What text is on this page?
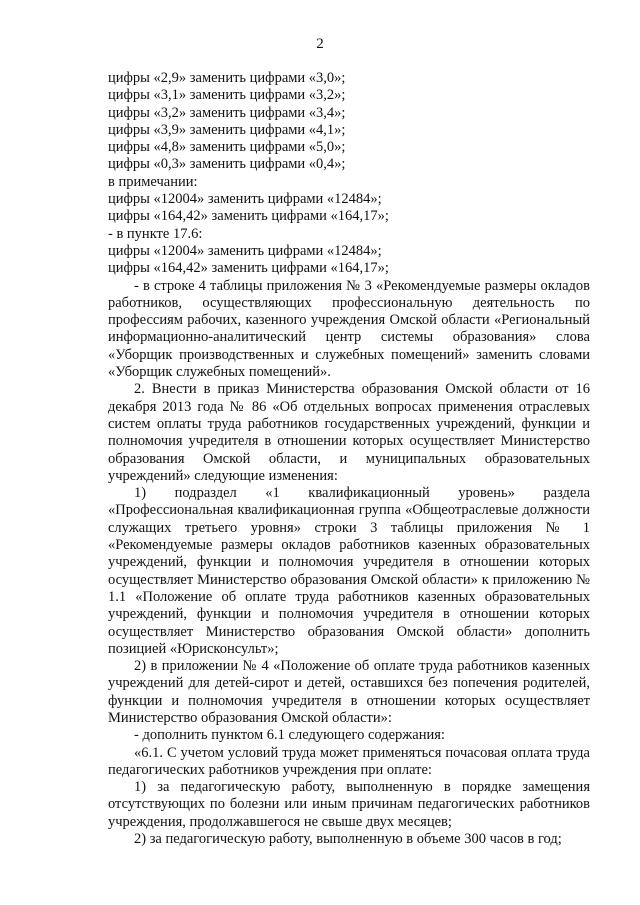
2
цифры «2,9» заменить цифрами «3,0»;
цифры «3,1» заменить цифрами «3,2»;
цифры «3,2» заменить цифрами «3,4»;
цифры «3,9» заменить цифрами «4,1»;
цифры «4,8» заменить цифрами «5,0»;
цифры «0,3» заменить цифрами «0,4»;
в примечании:
цифры «12004» заменить цифрами «12484»;
цифры «164,42» заменить цифрами «164,17»;
- в пункте 17.6:
цифры «12004» заменить цифрами «12484»;
цифры «164,42» заменить цифрами «164,17»;

- в строке 4 таблицы приложения № 3 «Рекомендуемые размеры окладов работников, осуществляющих профессиональную деятельность по профессиям рабочих, казенного учреждения Омской области «Региональный информационно-аналитический центр системы образования» слова «Уборщик производственных и служебных помещений» заменить словами «Уборщик служебных помещений».

2. Внести в приказ Министерства образования Омской области от 16 декабря 2013 года № 86 «Об отдельных вопросах применения отраслевых систем оплаты труда работников государственных учреждений, функции и полномочия учредителя в отношении которых осуществляет Министерство образования Омской области, и муниципальных образовательных учреждений» следующие изменения:

1) подраздел «1 квалификационный уровень» раздела «Профессиональная квалификационная группа «Общеотраслевые должности служащих третьего уровня» строки 3 таблицы приложения № 1 «Рекомендуемые размеры окладов работников казенных образовательных учреждений, функции и полномочия учредителя в отношении которых осуществляет Министерство образования Омской области» к приложению № 1.1 «Положение об оплате труда работников казенных образовательных учреждений, функции и полномочия учредителя в отношении которых осуществляет Министерство образования Омской области» дополнить позицией «Юрисконсульт»;

2) в приложении № 4 «Положение об оплате труда работников казенных учреждений для детей-сирот и детей, оставшихся без попечения родителей, функции и полномочия учредителя в отношении которых осуществляет Министерство образования Омской области»:

- дополнить пунктом 6.1 следующего содержания:

«6.1. С учетом условий труда может применяться почасовая оплата труда педагогических работников учреждения при оплате:

1) за педагогическую работу, выполненную в порядке замещения отсутствующих по болезни или иным причинам педагогических работников учреждения, продолжавшегося не свыше двух месяцев;

2) за педагогическую работу, выполненную в объеме 300 часов в год;
